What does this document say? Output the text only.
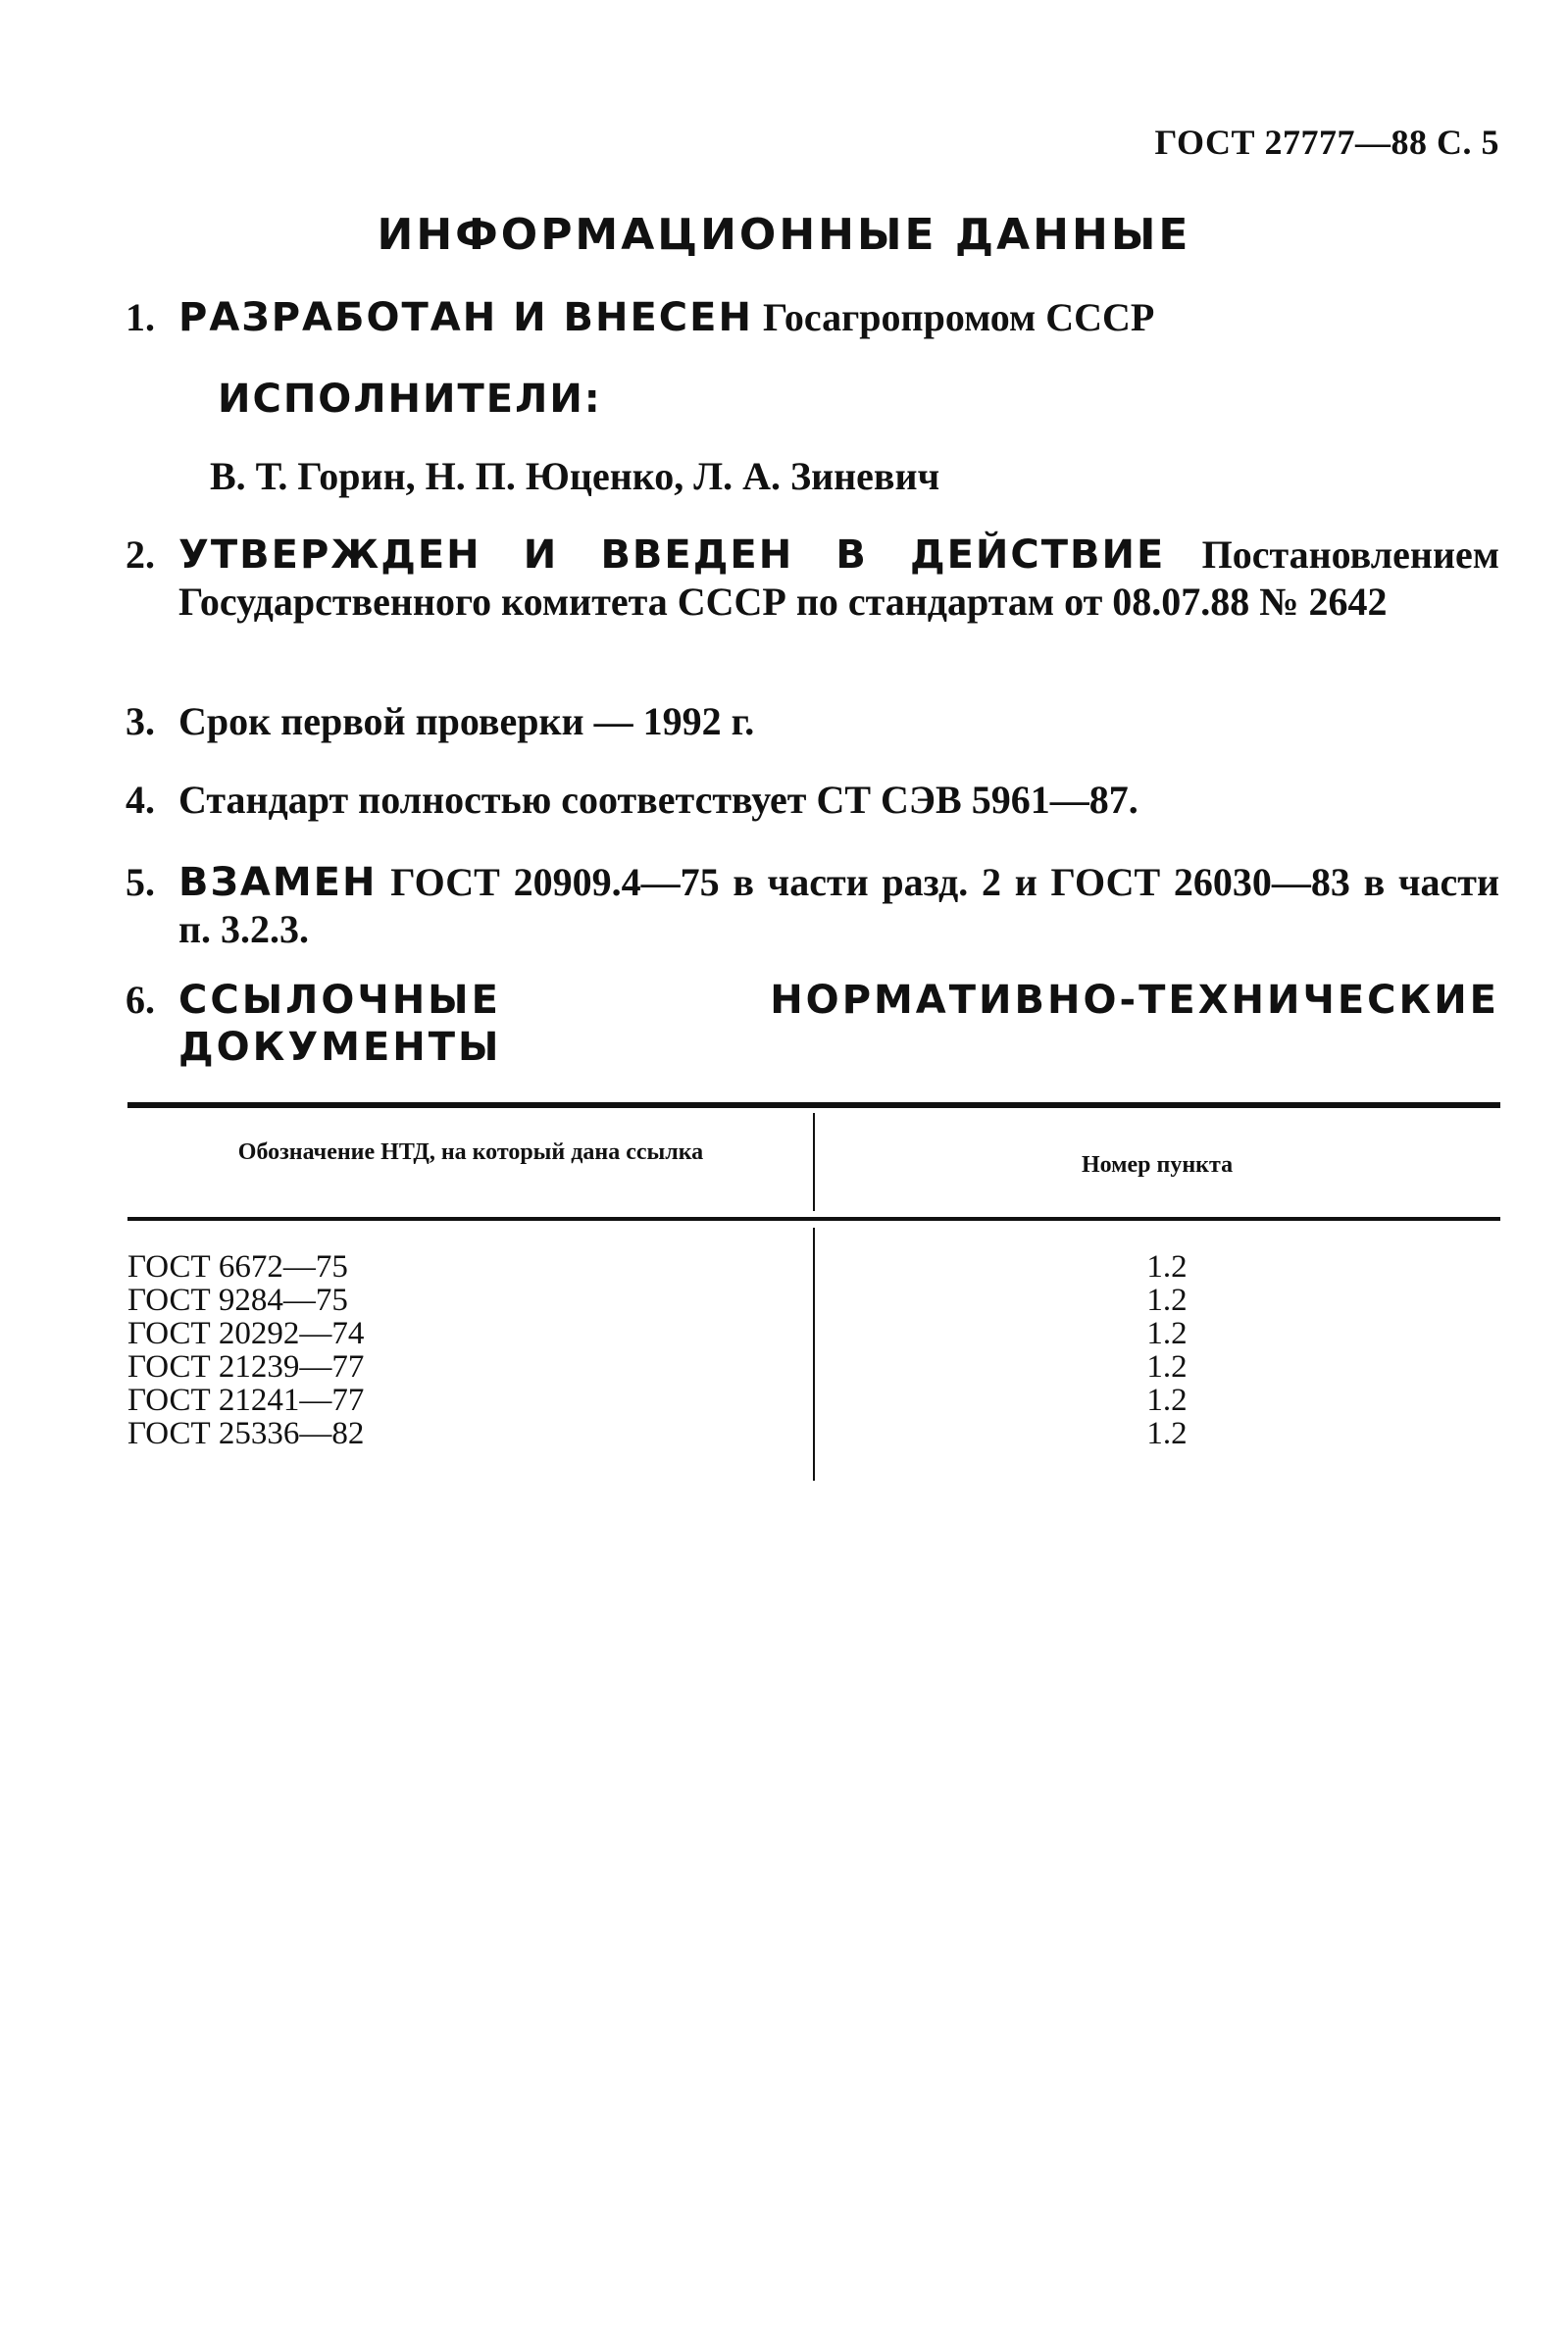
ГОСТ 27777—88 С. 5
ИНФОРМАЦИОННЫЕ ДАННЫЕ
1. РАЗРАБОТАН И ВНЕСЕН Госагропромом СССР
ИСПОЛНИТЕЛИ:
В. Т. Горин, Н. П. Юценко, Л. А. Зиневич
2. УТВЕРЖДЕН И ВВЕДЕН В ДЕЙСТВИЕ Постановлением Государственного комитета СССР по стандартам от 08.07.88 № 2642
3. Срок первой проверки — 1992 г.
4. Стандарт полностью соответствует СТ СЭВ 5961—87.
5. ВЗАМЕН ГОСТ 20909.4—75 в части разд. 2 и ГОСТ 26030—83 в части п. 3.2.3.
6. ССЫЛОЧНЫЕ НОРМАТИВНО-ТЕХНИЧЕСКИЕ ДОКУМЕНТЫ
Обозначение НТД, на который дана ссылка	Номер пункта
ГОСТ 6672—75
ГОСТ 9284—75
ГОСТ 20292—74
ГОСТ 21239—77
ГОСТ 21241—77
ГОСТ 25336—82
1.2
1.2
1.2
1.2
1.2
1.2
